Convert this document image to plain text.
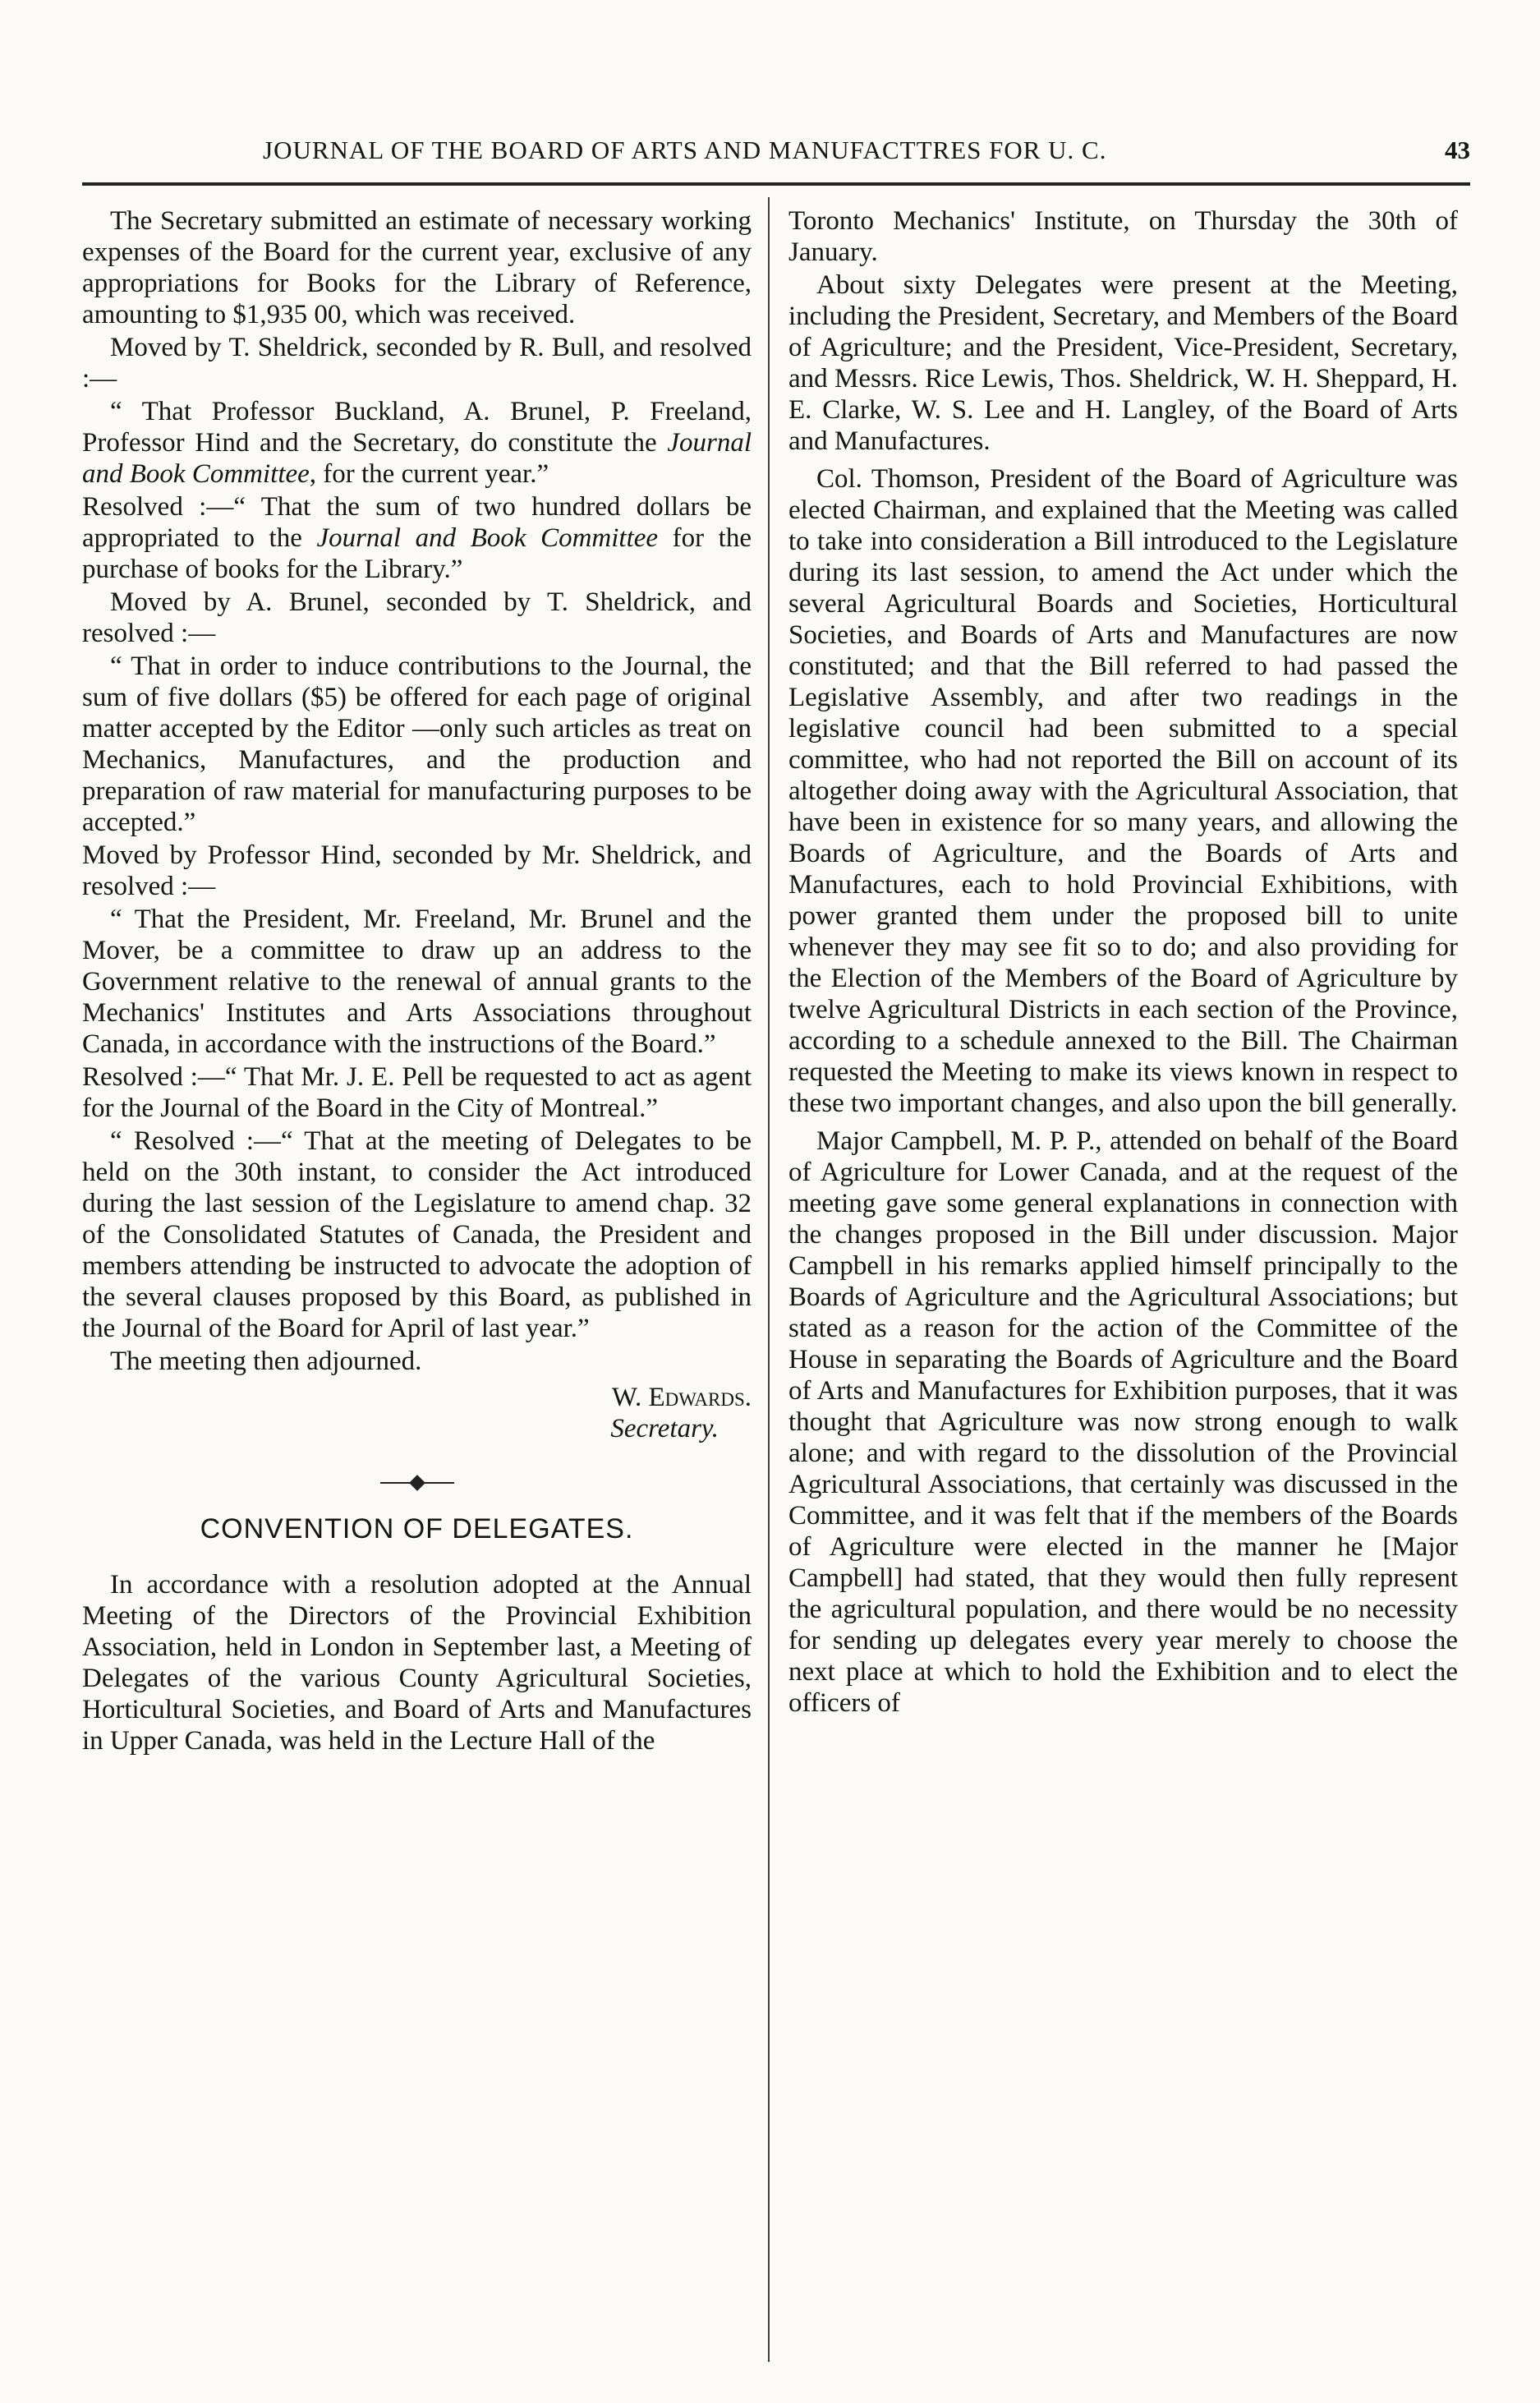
JOURNAL OF THE BOARD OF ARTS AND MANUFACTTRES FOR U. C.	43

The Secretary submitted an estimate of necessary working expenses of the Board for the current year, exclusive of any appropriations for Books for the Library of Reference, amounting to $1,935 00, which was received.

Moved by T. Sheldrick, seconded by R. Bull, and resolved :—

“ That Professor Buckland, A. Brunel, P. Freeland, Professor Hind and the Secretary, do constitute the Journal and Book Committee, for the current year.”

Resolved :—“ That the sum of two hundred dollars be appropriated to the Journal and Book Committee for the purchase of books for the Library.”

Moved by A. Brunel, seconded by T. Sheldrick, and resolved :—

“ That in order to induce contributions to the Journal, the sum of five dollars ($5) be offered for each page of original matter accepted by the Editor —only such articles as treat on Mechanics, Manufactures, and the production and preparation of raw material for manufacturing purposes to be accepted.”

Moved by Professor Hind, seconded by Mr. Sheldrick, and resolved :—

“ That the President, Mr. Freeland, Mr. Brunel and the Mover, be a committee to draw up an address to the Government relative to the renewal of annual grants to the Mechanics' Institutes and Arts Associations throughout Canada, in accordance with the instructions of the Board.”

Resolved :—“ That Mr. J. E. Pell be requested to act as agent for the Journal of the Board in the City of Montreal.”

“ Resolved :—“ That at the meeting of Delegates to be held on the 30th instant, to consider the Act introduced during the last session of the Legislature to amend chap. 32 of the Consolidated Statutes of Canada, the President and members attending be instructed to advocate the adoption of the several clauses proposed by this Board, as published in the Journal of the Board for April of last year.”

The meeting then adjourned.

W. Edwards.
Secretary.
CONVENTION OF DELEGATES.

In accordance with a resolution adopted at the Annual Meeting of the Directors of the Provincial Exhibition Association, held in London in September last, a Meeting of Delegates of the various County Agricultural Societies, Horticultural Societies, and Board of Arts and Manufactures in Upper Canada, was held in the Lecture Hall of the

Toronto Mechanics' Institute, on Thursday the 30th of January.

About sixty Delegates were present at the Meeting, including the President, Secretary, and Members of the Board of Agriculture; and the President, Vice-President, Secretary, and Messrs. Rice Lewis, Thos. Sheldrick, W. H. Sheppard, H. E. Clarke, W. S. Lee and H. Langley, of the Board of Arts and Manufactures.

Col. Thomson, President of the Board of Agriculture was elected Chairman, and explained that the Meeting was called to take into consideration a Bill introduced to the Legislature during its last session, to amend the Act under which the several Agricultural Boards and Societies, Horticultural Societies, and Boards of Arts and Manufactures are now constituted; and that the Bill referred to had passed the Legislative Assembly, and after two readings in the legislative council had been submitted to a special committee, who had not reported the Bill on account of its altogether doing away with the Agricultural Association, that have been in existence for so many years, and allowing the Boards of Agriculture, and the Boards of Arts and Manufactures, each to hold Provincial Exhibitions, with power granted them under the proposed bill to unite whenever they may see fit so to do; and also providing for the Election of the Members of the Board of Agriculture by twelve Agricultural Districts in each section of the Province, according to a schedule annexed to the Bill. The Chairman requested the Meeting to make its views known in respect to these two important changes, and also upon the bill generally.

Major Campbell, M. P. P., attended on behalf of the Board of Agriculture for Lower Canada, and at the request of the meeting gave some general explanations in connection with the changes proposed in the Bill under discussion. Major Campbell in his remarks applied himself principally to the Boards of Agriculture and the Agricultural Associations; but stated as a reason for the action of the Committee of the House in separating the Boards of Agriculture and the Board of Arts and Manufactures for Exhibition purposes, that it was thought that Agriculture was now strong enough to walk alone; and with regard to the dissolution of the Provincial Agricultural Associations, that certainly was discussed in the Committee, and it was felt that if the members of the Boards of Agriculture were elected in the manner he [Major Campbell] had stated, that they would then fully represent the agricultural population, and there would be no necessity for sending up delegates every year merely to choose the next place at which to hold the Exhibition and to elect the officers of
